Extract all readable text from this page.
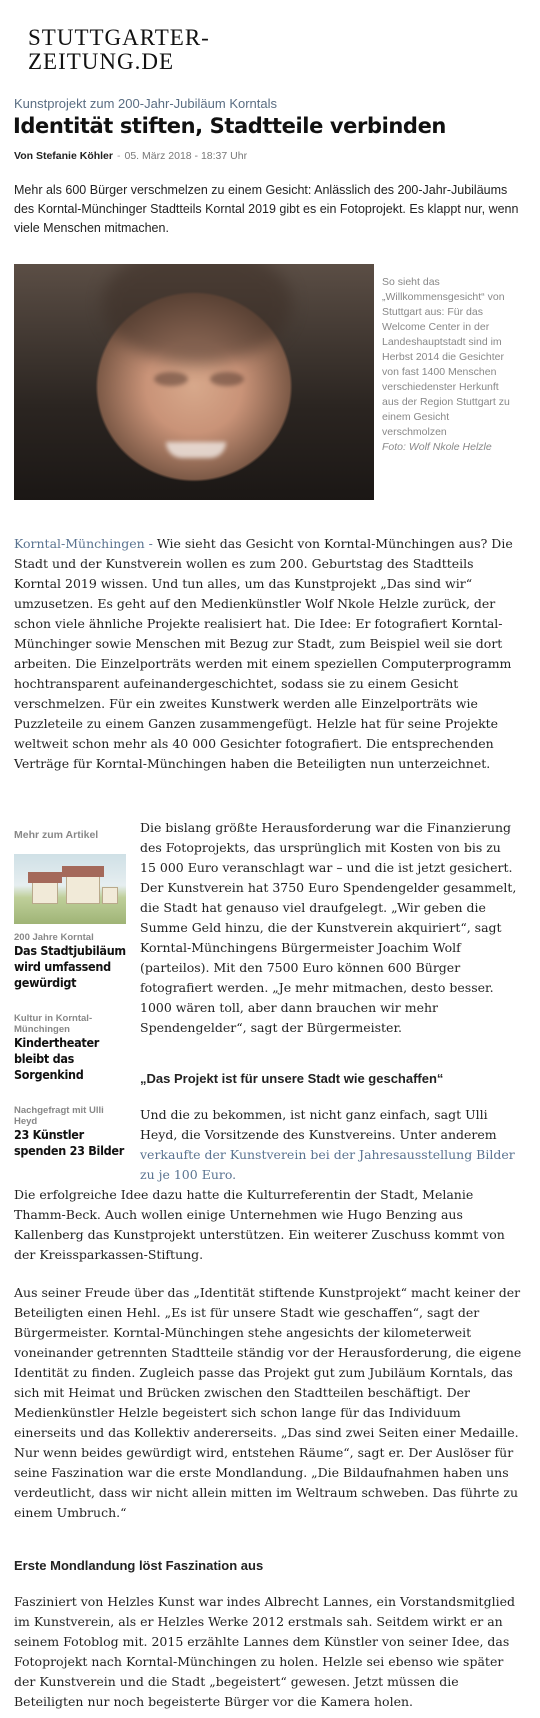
STUTTGARTER-
ZEITUNG.DE
Kunstprojekt zum 200-Jahr-Jubiläum Korntals
Identität stiften, Stadtteile verbinden
Von Stefanie Köhler - 05. März 2018 - 18:37 Uhr

Mehr als 600 Bürger verschmelzen zu einem Gesicht: Anlässlich des 200-Jahr-Jubiläums des Korntal-Münchinger Stadtteils Korntal 2019 gibt es ein Fotoprojekt. Es klappt nur, wenn viele Menschen mitmachen.

So sieht das „Willkommensgesicht“ von Stuttgart aus: Für das Welcome Center in der Landeshauptstadt sind im Herbst 2014 die Gesichter von fast 1400 Menschen verschiedenster Herkunft aus der Region Stuttgart zu einem Gesicht verschmolzen
Foto: Wolf Nkole Helzle

Korntal-Münchingen - Wie sieht das Gesicht von Korntal-Münchingen aus? Die Stadt und der Kunstverein wollen es zum 200. Geburtstag des Stadtteils Korntal 2019 wissen. Und tun alles, um das Kunstprojekt „Das sind wir“ umzusetzen. Es geht auf den Medienkünstler Wolf Nkole Helzle zurück, der schon viele ähnliche Projekte realisiert hat. Die Idee: Er fotografiert Korntal-Münchinger sowie Menschen mit Bezug zur Stadt, zum Beispiel weil sie dort arbeiten. Die Einzelporträts werden mit einem speziellen Computerprogramm hochtransparent aufeinandergeschichtet, sodass sie zu einem Gesicht verschmelzen. Für ein zweites Kunstwerk werden alle Einzelporträts wie Puzzleteile zu einem Ganzen zusammengefügt. Helzle hat für seine Projekte weltweit schon mehr als 40 000 Gesichter fotografiert. Die entsprechenden Verträge für Korntal-Münchingen haben die Beteiligten nun unterzeichnet.

Mehr zum Artikel
200 Jahre Korntal
Das Stadtjubiläum wird umfassend gewürdigt
Kultur in Korntal-Münchingen
Kindertheater bleibt das Sorgenkind
Nachgefragt mit Ulli Heyd
23 Künstler spenden 23 Bilder

Die bislang größte Herausforderung war die Finanzierung des Fotoprojekts, das ursprünglich mit Kosten von bis zu 15 000 Euro veranschlagt war – und die ist jetzt gesichert. Der Kunstverein hat 3750 Euro Spendengelder gesammelt, die Stadt hat genauso viel draufgelegt. „Wir geben die Summe Geld hinzu, die der Kunstverein akquiriert“, sagt Korntal-Münchingens Bürgermeister Joachim Wolf (parteilos). Mit den 7500 Euro können 600 Bürger fotografiert werden. „Je mehr mitmachen, desto besser. 1000 wären toll, aber dann brauchen wir mehr Spendengelder“, sagt der Bürgermeister.

„Das Projekt ist für unsere Stadt wie geschaffen“

Und die zu bekommen, ist nicht ganz einfach, sagt Ulli Heyd, die Vorsitzende des Kunstvereins. Unter anderem verkaufte der Kunstverein bei der Jahresausstellung Bilder zu je 100 Euro.

Die erfolgreiche Idee dazu hatte die Kulturreferentin der Stadt, Melanie Thamm-Beck. Auch wollen einige Unternehmen wie Hugo Benzing aus Kallenberg das Kunstprojekt unterstützen. Ein weiterer Zuschuss kommt von der Kreissparkassen-Stiftung.

Aus seiner Freude über das „Identität stiftende Kunstprojekt“ macht keiner der Beteiligten einen Hehl. „Es ist für unsere Stadt wie geschaffen“, sagt der Bürgermeister. Korntal-Münchingen stehe angesichts der kilometerweit voneinander getrennten Stadtteile ständig vor der Herausforderung, die eigene Identität zu finden. Zugleich passe das Projekt gut zum Jubiläum Korntals, das sich mit Heimat und Brücken zwischen den Stadtteilen beschäftigt. Der Medienkünstler Helzle begeistert sich schon lange für das Individuum einerseits und das Kollektiv andererseits. „Das sind zwei Seiten einer Medaille. Nur wenn beides gewürdigt wird, entstehen Räume“, sagt er. Der Auslöser für seine Faszination war die erste Mondlandung. „Die Bildaufnahmen haben uns verdeutlicht, dass wir nicht allein mitten im Weltraum schweben. Das führte zu einem Umbruch.“

Erste Mondlandung löst Faszination aus

Fasziniert von Helzles Kunst war indes Albrecht Lannes, ein Vorstandsmitglied im Kunstverein, als er Helzles Werke 2012 erstmals sah. Seitdem wirkt er an seinem Fotoblog mit. 2015 erzählte Lannes dem Künstler von seiner Idee, das Fotoprojekt nach Korntal-Münchingen zu holen. Helzle sei ebenso wie später der Kunstverein und die Stadt „begeistert“ gewesen. Jetzt müssen die Beteiligten nur noch begeisterte Bürger vor die Kamera holen.
